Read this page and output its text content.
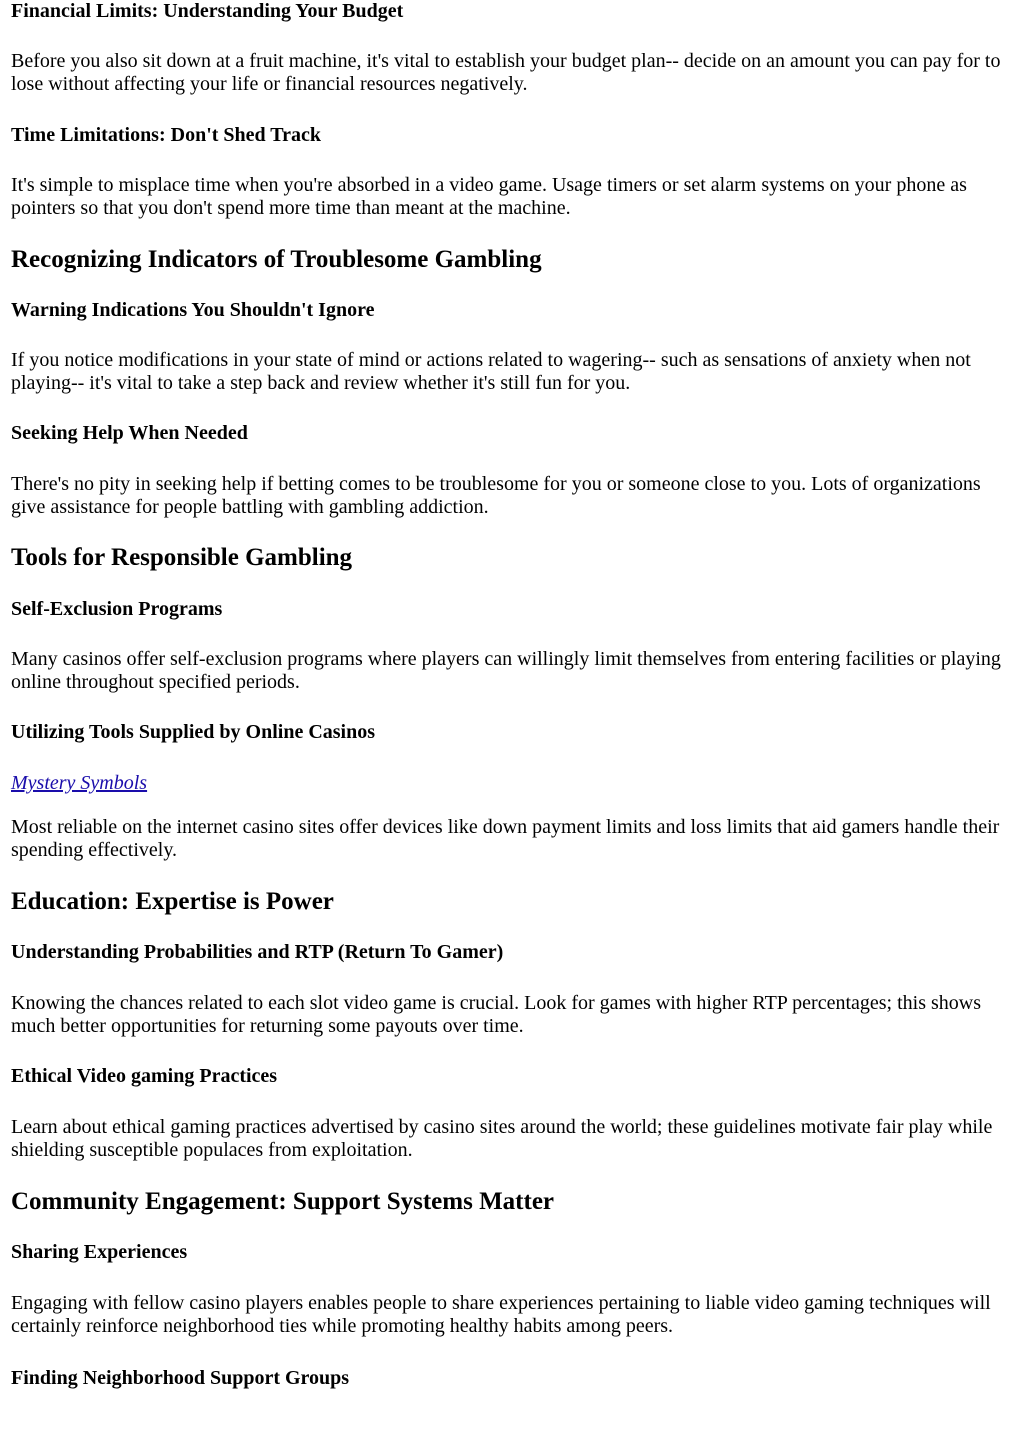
Financial Limits: Understanding Your Budget

Before you also sit down at a fruit machine, it's vital to establish your budget plan-- decide on an amount you can pay for to lose without affecting your life or financial resources negatively.

Time Limitations: Don't Shed Track

It's simple to misplace time when you're absorbed in a video game. Usage timers or set alarm systems on your phone as pointers so that you don't spend more time than meant at the machine.

Recognizing Indicators of Troublesome Gambling
Warning Indications You Shouldn't Ignore

If you notice modifications in your state of mind or actions related to wagering-- such as sensations of anxiety when not playing-- it's vital to take a step back and review whether it's still fun for you.

Seeking Help When Needed

There's no pity in seeking help if betting comes to be troublesome for you or someone close to you. Lots of organizations give assistance for people battling with gambling addiction.

Tools for Responsible Gambling
Self-Exclusion Programs

Many casinos offer self-exclusion programs where players can willingly limit themselves from entering facilities or playing online throughout specified periods.

Utilizing Tools Supplied by Online Casinos

Mystery Symbols

Most reliable on the internet casino sites offer devices like down payment limits and loss limits that aid gamers handle their spending effectively.

Education: Expertise is Power
Understanding Probabilities and RTP (Return To Gamer)

Knowing the chances related to each slot video game is crucial. Look for games with higher RTP percentages; this shows much better opportunities for returning some payouts over time.

Ethical Video gaming Practices

Learn about ethical gaming practices advertised by casino sites around the world; these guidelines motivate fair play while shielding susceptible populaces from exploitation.

Community Engagement: Support Systems Matter
Sharing Experiences

Engaging with fellow casino players enables people to share experiences pertaining to liable video gaming techniques will certainly reinforce neighborhood ties while promoting healthy habits among peers.

Finding Neighborhood Support Groups
